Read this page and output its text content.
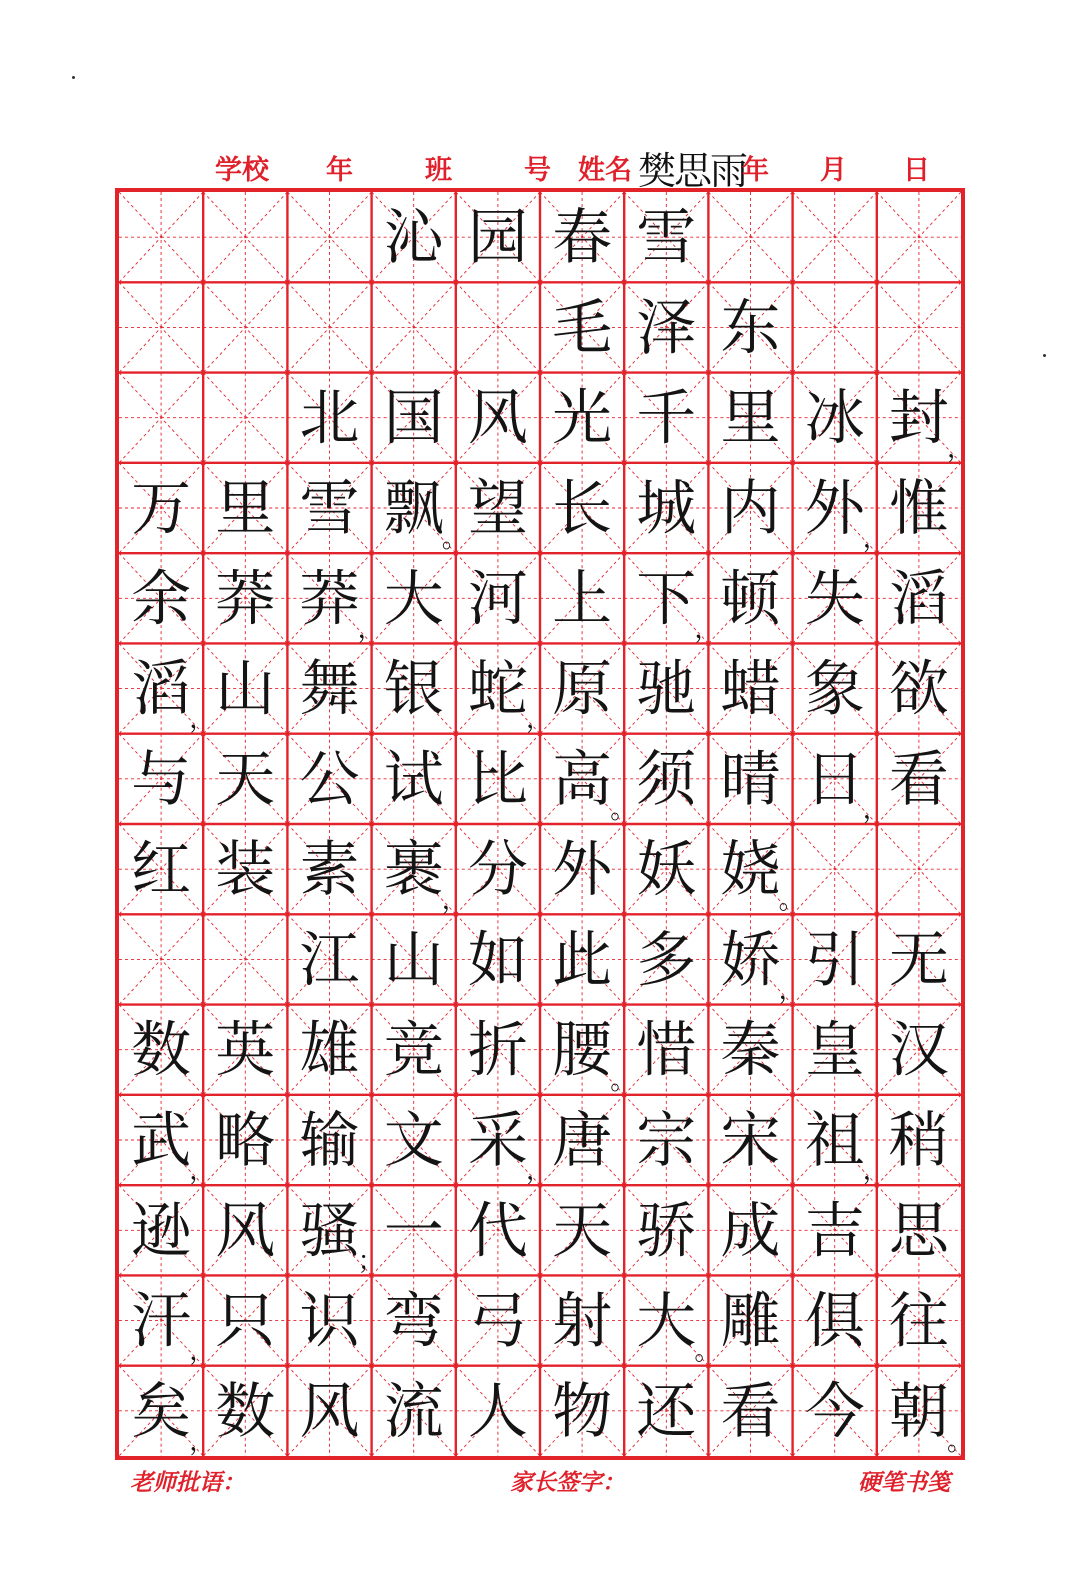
学校 年	班	号 姓名 樊思雨
年 月 日
沁 园 春 雪
毛 泽 东
北 国 风 光 千 里 冰 封
万 里 雪 飘 望 长 城 内 外 惟
余 莽 莽 大 河 上 下 顿 失 滔
滔 山 舞 银 蛇 原 驰 蜡 象 欲
与 天 公 试 比 高 须 晴 日 看
红 装 素 裹 分 外 妖 娆
江 山 如 此 多 娇 引 无
数 英 雄 竞 折 腰 惜 秦 皇 汉
武 略 输 文 采 唐 宗 宋 祖 稍
逊 风 骚 一 代 天 骄 成 吉 思
汗 只 识 弯 弓 射 大 雕 俱 往
矣 数 风 流 人 物 还 看 今 朝
，
。	，
，	，
，	，
。	，
，	。
，
。
，	，	，
；
，	。
，	。
老师批语：	家长签字：	硬笔书笺
